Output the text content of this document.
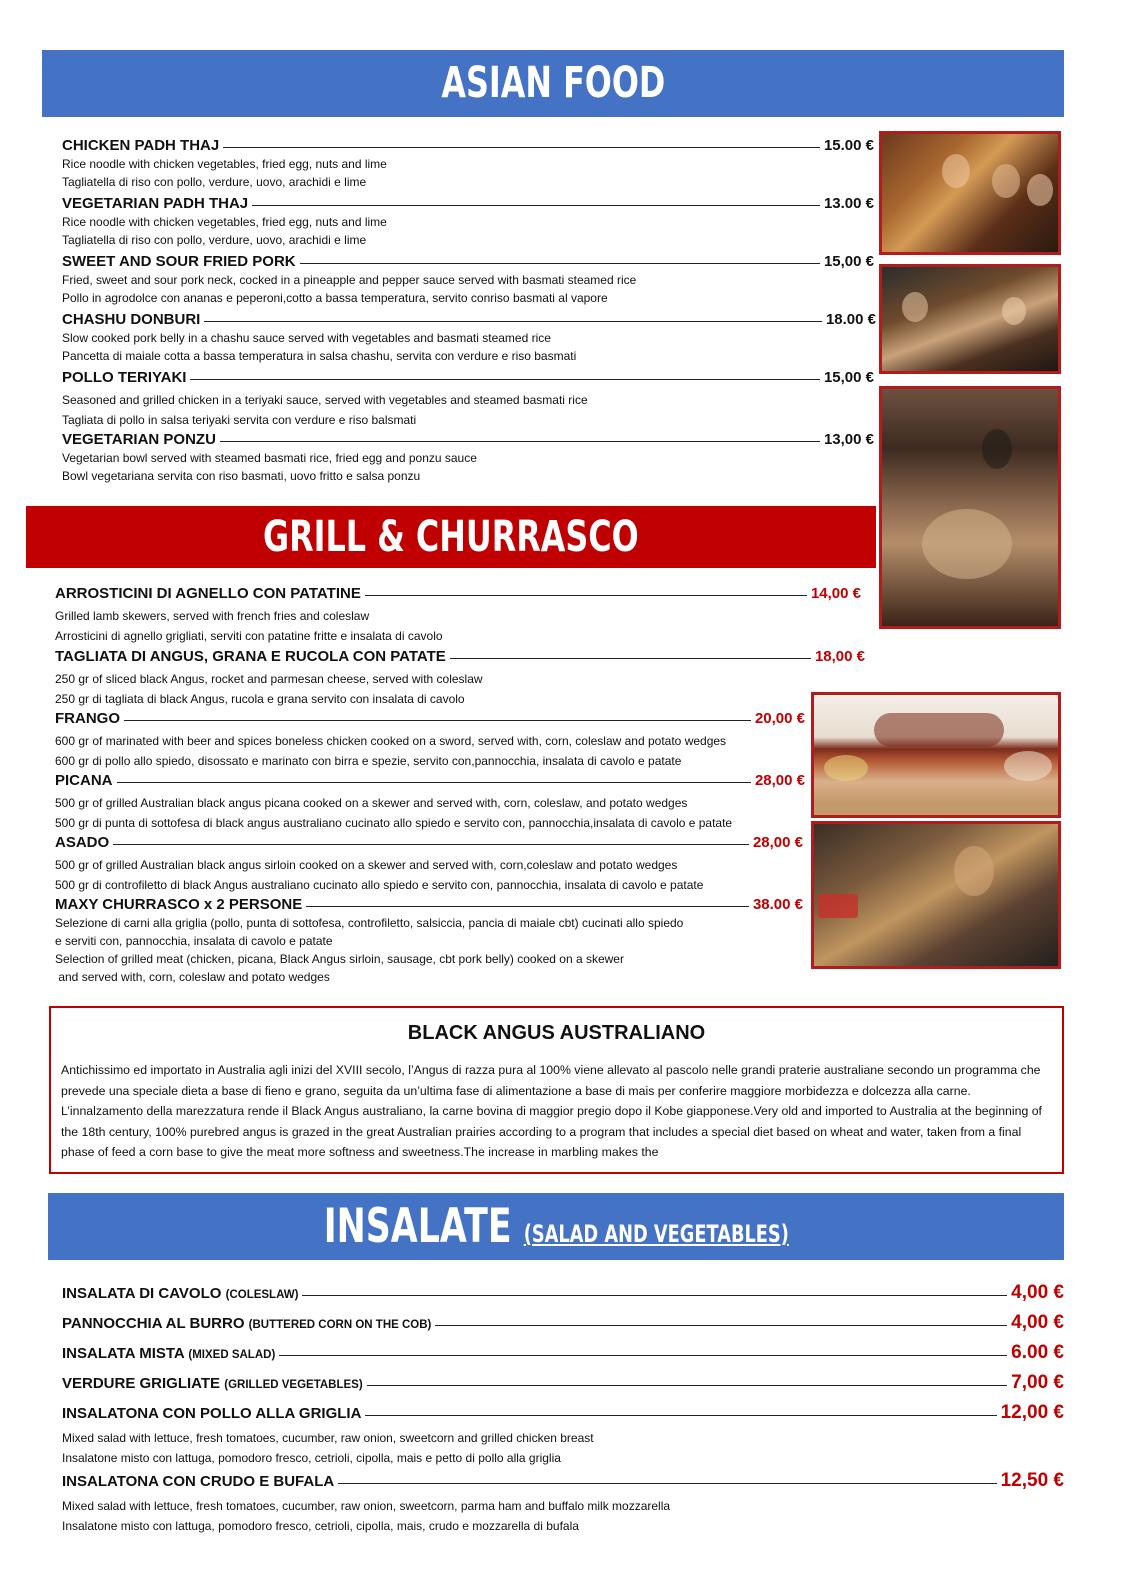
ASIAN FOOD
CHICKEN PADH THAJ	15.00 €
Rice noodle with chicken vegetables, fried egg, nuts and lime
Tagliatella di riso con pollo, verdure, uovo, arachidi e lime
VEGETARIAN PADH THAJ	13.00 €
Rice noodle with chicken vegetables, fried egg, nuts and lime
Tagliatella di riso con pollo, verdure, uovo, arachidi e lime
SWEET AND SOUR FRIED PORK	15,00 €
Fried, sweet and sour pork neck, cocked in a pineapple and pepper sauce served with basmati steamed rice
Pollo in agrodolce con ananas e peperoni,cotto a bassa temperatura, servito conriso basmati al vapore
CHASHU DONBURI	18.00 €
Slow cooked pork belly in a chashu sauce served with vegetables and basmati steamed rice
Pancetta di maiale cotta a bassa temperatura in salsa chashu, servita con verdure e riso basmati
POLLO TERIYAKI	15,00 €
Seasoned and grilled chicken in a teriyaki sauce, served with vegetables and steamed basmati rice
Tagliata di pollo in salsa teriyaki servita con verdure e riso balsmati
VEGETARIAN PONZU	13,00 €
Vegetarian bowl served with steamed basmati rice, fried egg and ponzu sauce
Bowl vegetariana servita con riso basmati, uovo fritto e salsa ponzu
GRILL & CHURRASCO
ARROSTICINI DI AGNELLO CON PATATINE	14,00 €
Grilled lamb skewers, served with french fries and coleslaw
Arrosticini di agnello grigliati, serviti con patatine fritte e insalata di cavolo
TAGLIATA DI ANGUS, GRANA E RUCOLA CON PATATE	18,00 €
250 gr of sliced black Angus, rocket and parmesan cheese, served with coleslaw
250 gr di tagliata di black Angus, rucola e grana servito con insalata di cavolo
FRANGO	20,00 €
600 gr of marinated with beer and spices boneless chicken cooked on a sword, served with, corn, coleslaw and potato wedges
600 gr di pollo allo spiedo, disossato e marinato con birra e spezie, servito con,pannocchia, insalata di cavolo e patate
PICANA	28,00 €
500 gr of grilled Australian black angus picana cooked on a skewer and served with, corn, coleslaw, and potato wedges
500 gr di punta di sottofesa di black angus australiano cucinato allo spiedo e servito con, pannocchia,insalata di cavolo e patate
ASADO	28,00 €
500 gr of grilled Australian black angus sirloin cooked on a skewer and served with, corn,coleslaw and potato wedges
500 gr di controfiletto di black Angus australiano cucinato allo spiedo e servito con, pannocchia, insalata di cavolo e patate
MAXY CHURRASCO x 2 PERSONE	38.00 €
Selezione di carni alla griglia (pollo, punta di sottofesa, controfiletto, salsiccia, pancia di maiale cbt) cucinati allo spiedo
e serviti con, pannocchia, insalata di cavolo e patate
Selection of grilled meat (chicken, picana, Black Angus sirloin, sausage, cbt pork belly) cooked on a skewer
and served with, corn, coleslaw and potato wedges
BLACK ANGUS AUSTRALIANO
Antichissimo ed importato in Australia agli inizi del XVIII secolo, l’Angus di razza pura al 100% viene allevato al pascolo nelle grandi praterie australiane secondo un programma che prevede una speciale dieta a base di fieno e grano, seguita da un’ultima fase di alimentazione a base di mais per conferire maggiore morbidezza e dolcezza alla carne. L’innalzamento della marezzatura rende il Black Angus australiano, la carne bovina di maggior pregio dopo il Kobe giapponese.Very old and imported to Australia at the beginning of the 18th century, 100% purebred angus is grazed in the great Australian prairies according to a program that includes a special diet based on wheat and water, taken from a final phase of feed a corn base to give the meat more softness and sweetness.The increase in marbling makes the
INSALATE (SALAD AND VEGETABLES)
INSALATA DI CAVOLO (COLESLAW)	4,00 €
PANNOCCHIA AL BURRO (BUTTERED CORN ON THE COB)	4,00 €
INSALATA MISTA (MIXED SALAD)	6.00 €
VERDURE GRIGLIATE (GRILLED VEGETABLES)	7,00 €
INSALATONA CON POLLO ALLA GRIGLIA	12,00 €
Mixed salad with lettuce, fresh tomatoes, cucumber, raw onion, sweetcorn and grilled chicken breast
Insalatone misto con lattuga, pomodoro fresco, cetrioli, cipolla, mais e petto di pollo alla griglia
INSALATONA CON CRUDO E BUFALA	12,50 €
Mixed salad with lettuce, fresh tomatoes, cucumber, raw onion, sweetcorn, parma ham and buffalo milk mozzarella
Insalatone misto con lattuga, pomodoro fresco, cetrioli, cipolla, mais, crudo e mozzarella di bufala
